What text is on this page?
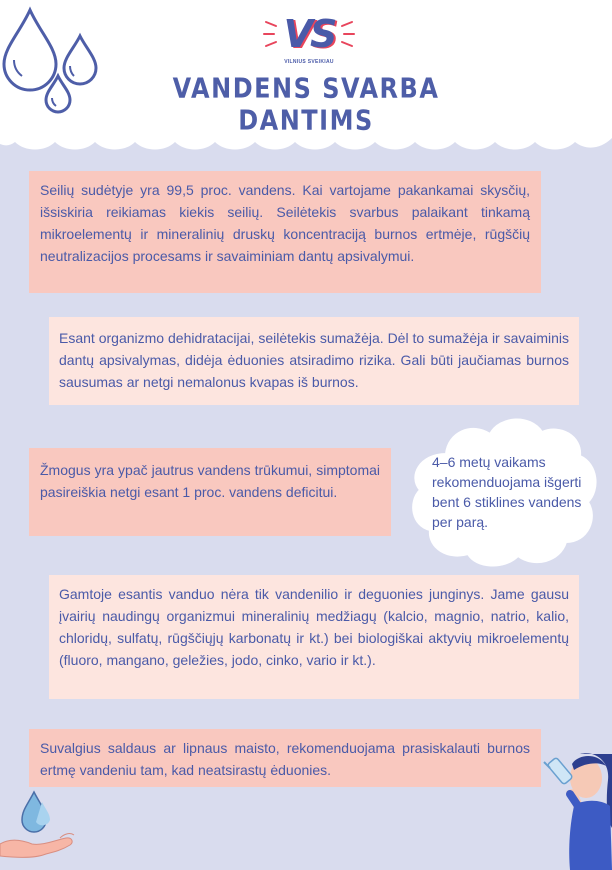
VS
VILNIUS SVEIKIAU
VANDENS SVARBA DANTIMS
Seilių sudėtyje yra 99,5 proc. vandens. Kai vartojame pakankamai skysčių, išsiskiria reikiamas kiekis seilių. Seilėtekis svarbus palaikant tinkamą mikroelementų ir mineralinių druskų koncentraciją burnos ertmėje, rūgščių neutralizacijos procesams ir savaiminiam dantų apsivalymui.
Esant organizmo dehidratacijai, seilėtekis sumažėja. Dėl to sumažėja ir savaiminis dantų apsivalymas, didėja ėduonies atsiradimo rizika. Gali būti jaučiamas burnos sausumas ar netgi nemalonus kvapas iš burnos.
Žmogus yra ypač jautrus vandens trūkumui, simptomai pasireiškia netgi esant 1 proc. vandens deficitui.
4–6 metų vaikams rekomenduojama išgerti bent 6 stiklines vandens per parą.
Gamtoje esantis vanduo nėra tik vandenilio ir deguonies junginys. Jame gausu įvairių naudingų organizmui mineralinių medžiagų (kalcio, magnio, natrio, kalio, chloridų, sulfatų, rūgščiųjų karbonatų ir kt.) bei biologiškai aktyvių mikroelementų (fluoro, mangano, geležies, jodo, cinko, vario ir kt.).
Suvalgius saldaus ar lipnaus maisto, rekomenduojama prasiskalauti burnos ertmę vandeniu tam, kad neatsirastų ėduonies.
